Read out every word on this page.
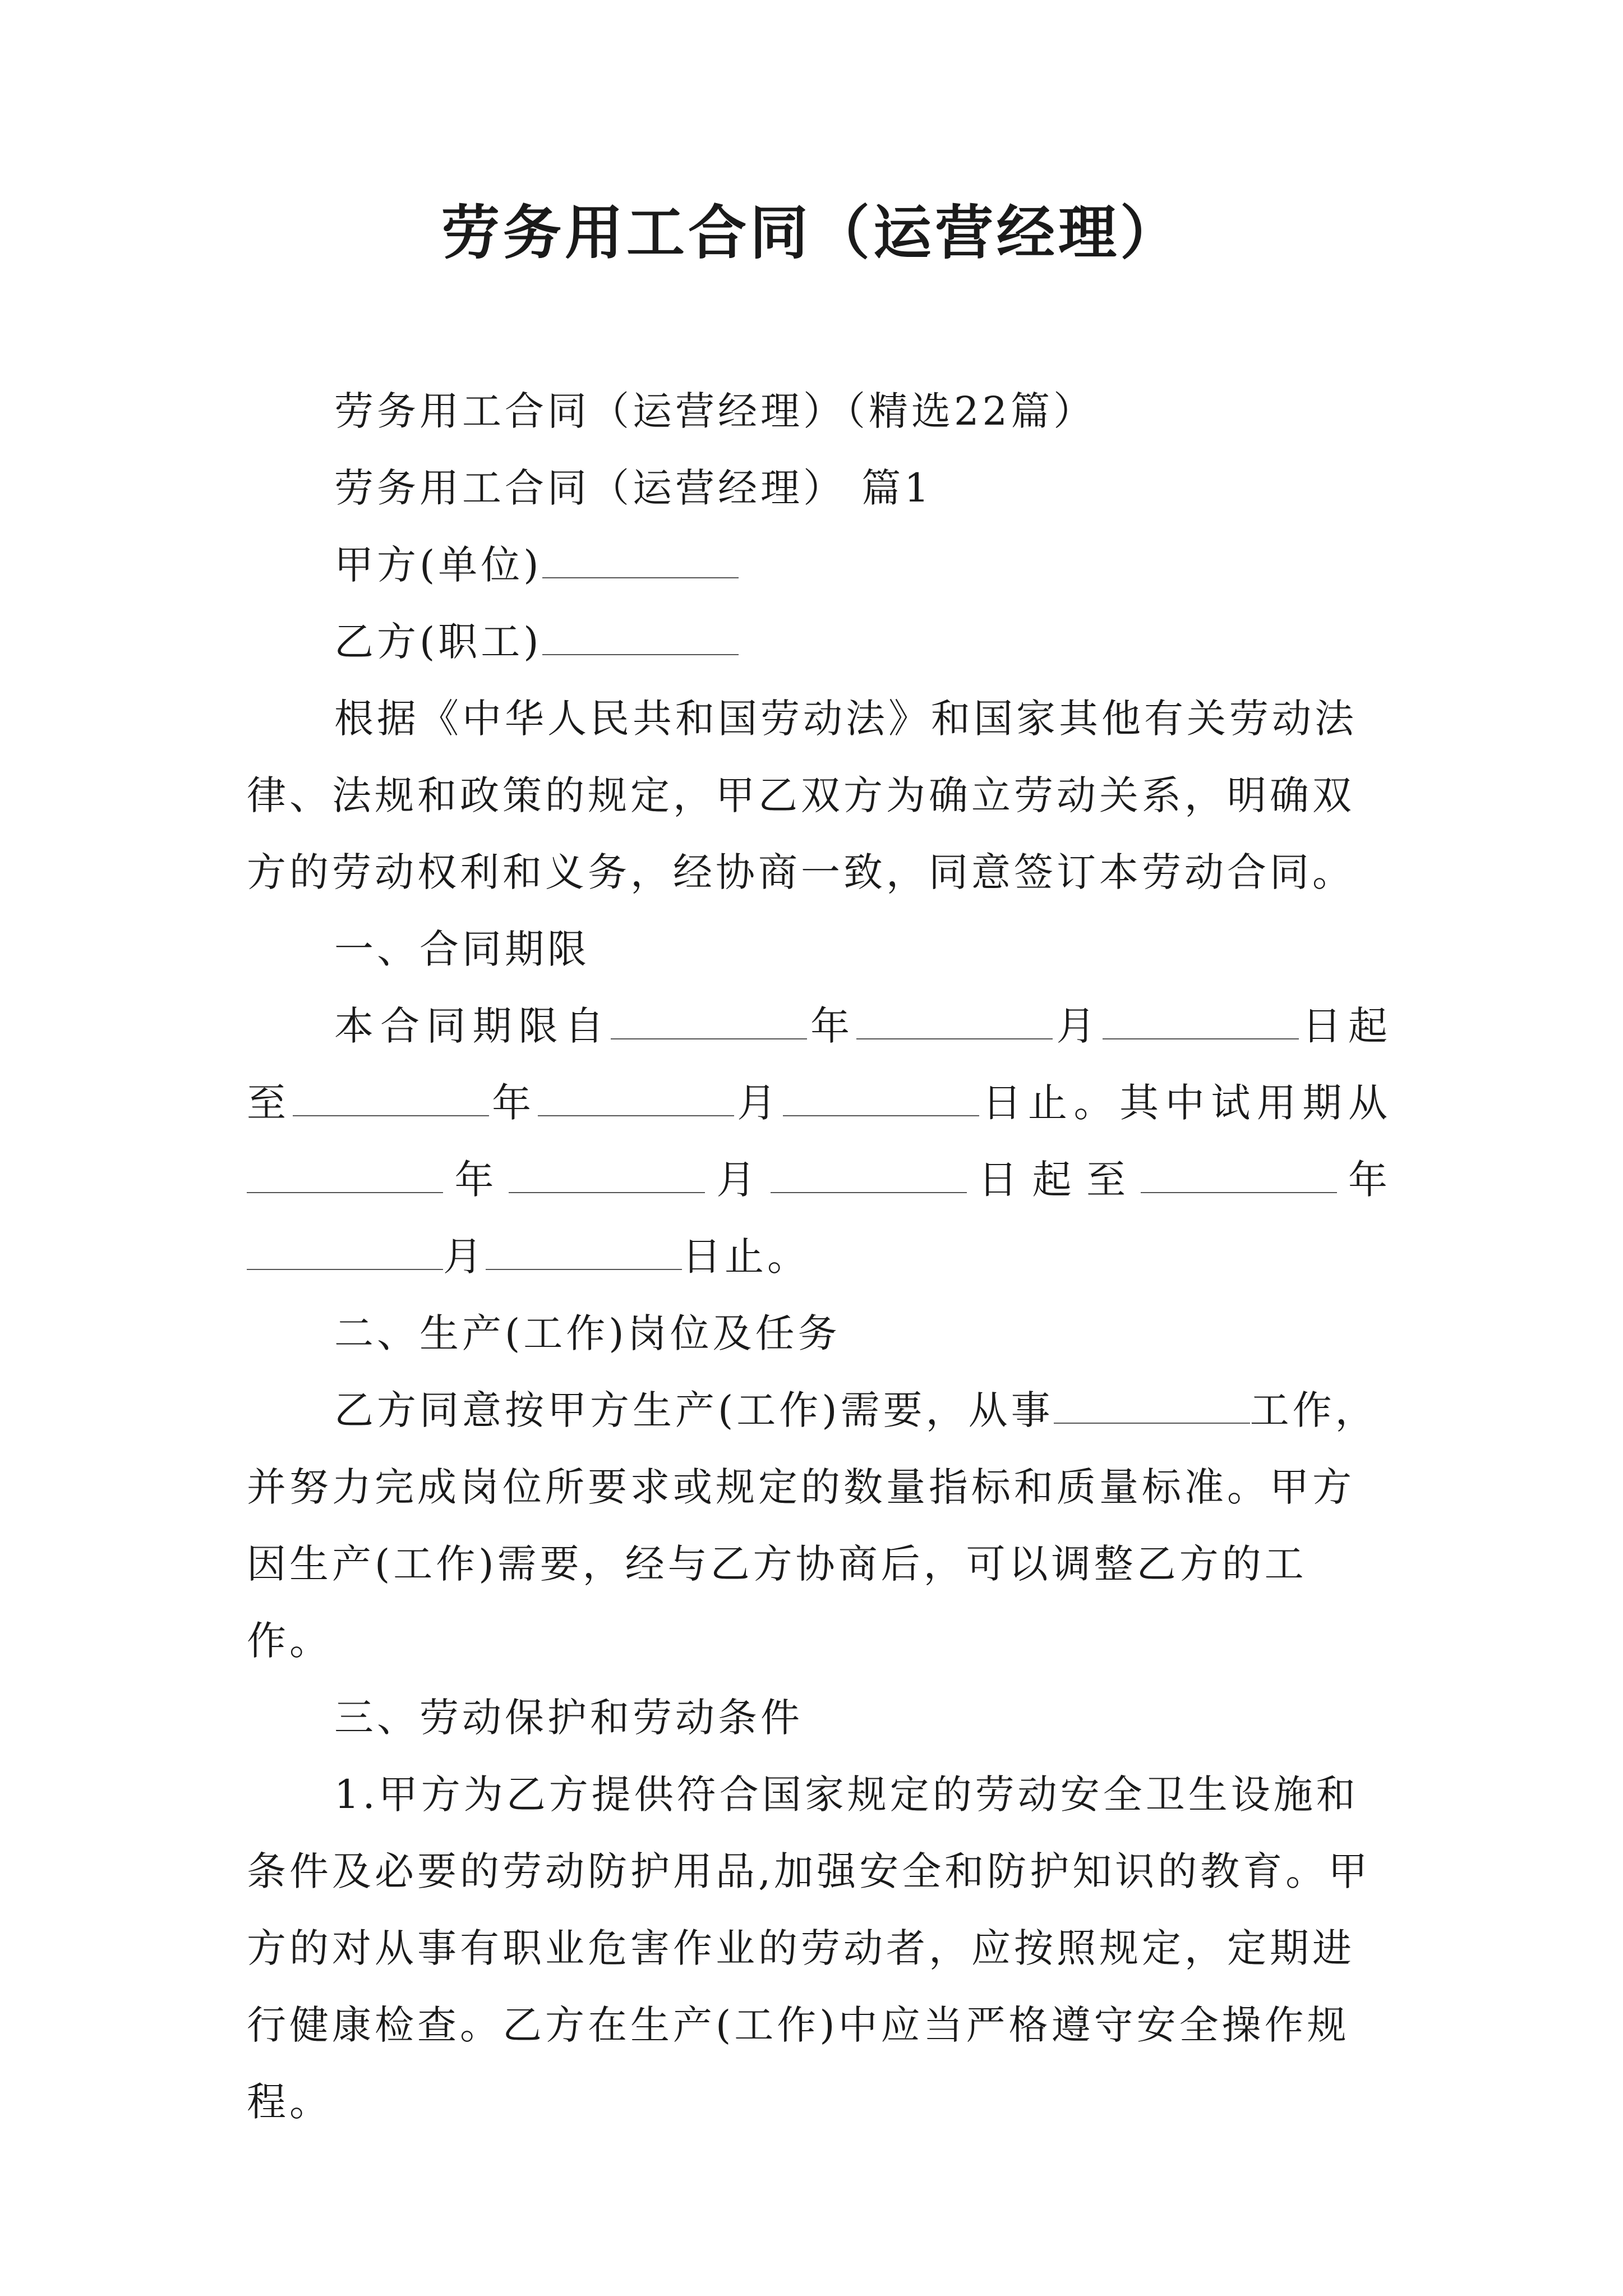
劳务用工合同（运营经理）

劳务用工合同（运营经理）（精选22篇）

劳务用工合同（运营经理） 篇1

甲方(单位)

乙方(职工)

根据《中华人民共和国劳动法》和国家其他有关劳动法律、法规和政策的规定，甲乙双方为确立劳动关系，明确双方的劳动权利和义务，经协商一致，同意签订本劳动合同。

一、合同期限

本合同期限自	年	月	日起

至	年	月	日止。其中试用期从

年	月	日起至	年

月	日止。

二、生产(工作)岗位及任务

乙方同意按甲方生产(工作)需要，从事	工作，并努力完成岗位所要求或规定的数量指标和质量标准。甲方因生产(工作)需要，经与乙方协商后，可以调整乙方的工作。

三、劳动保护和劳动条件

1.甲方为乙方提供符合国家规定的劳动安全卫生设施和条件及必要的劳动防护用品,加强安全和防护知识的教育。甲方的对从事有职业危害作业的劳动者，应按照规定，定期进行健康检查。乙方在生产(工作)中应当严格遵守安全操作规程。
